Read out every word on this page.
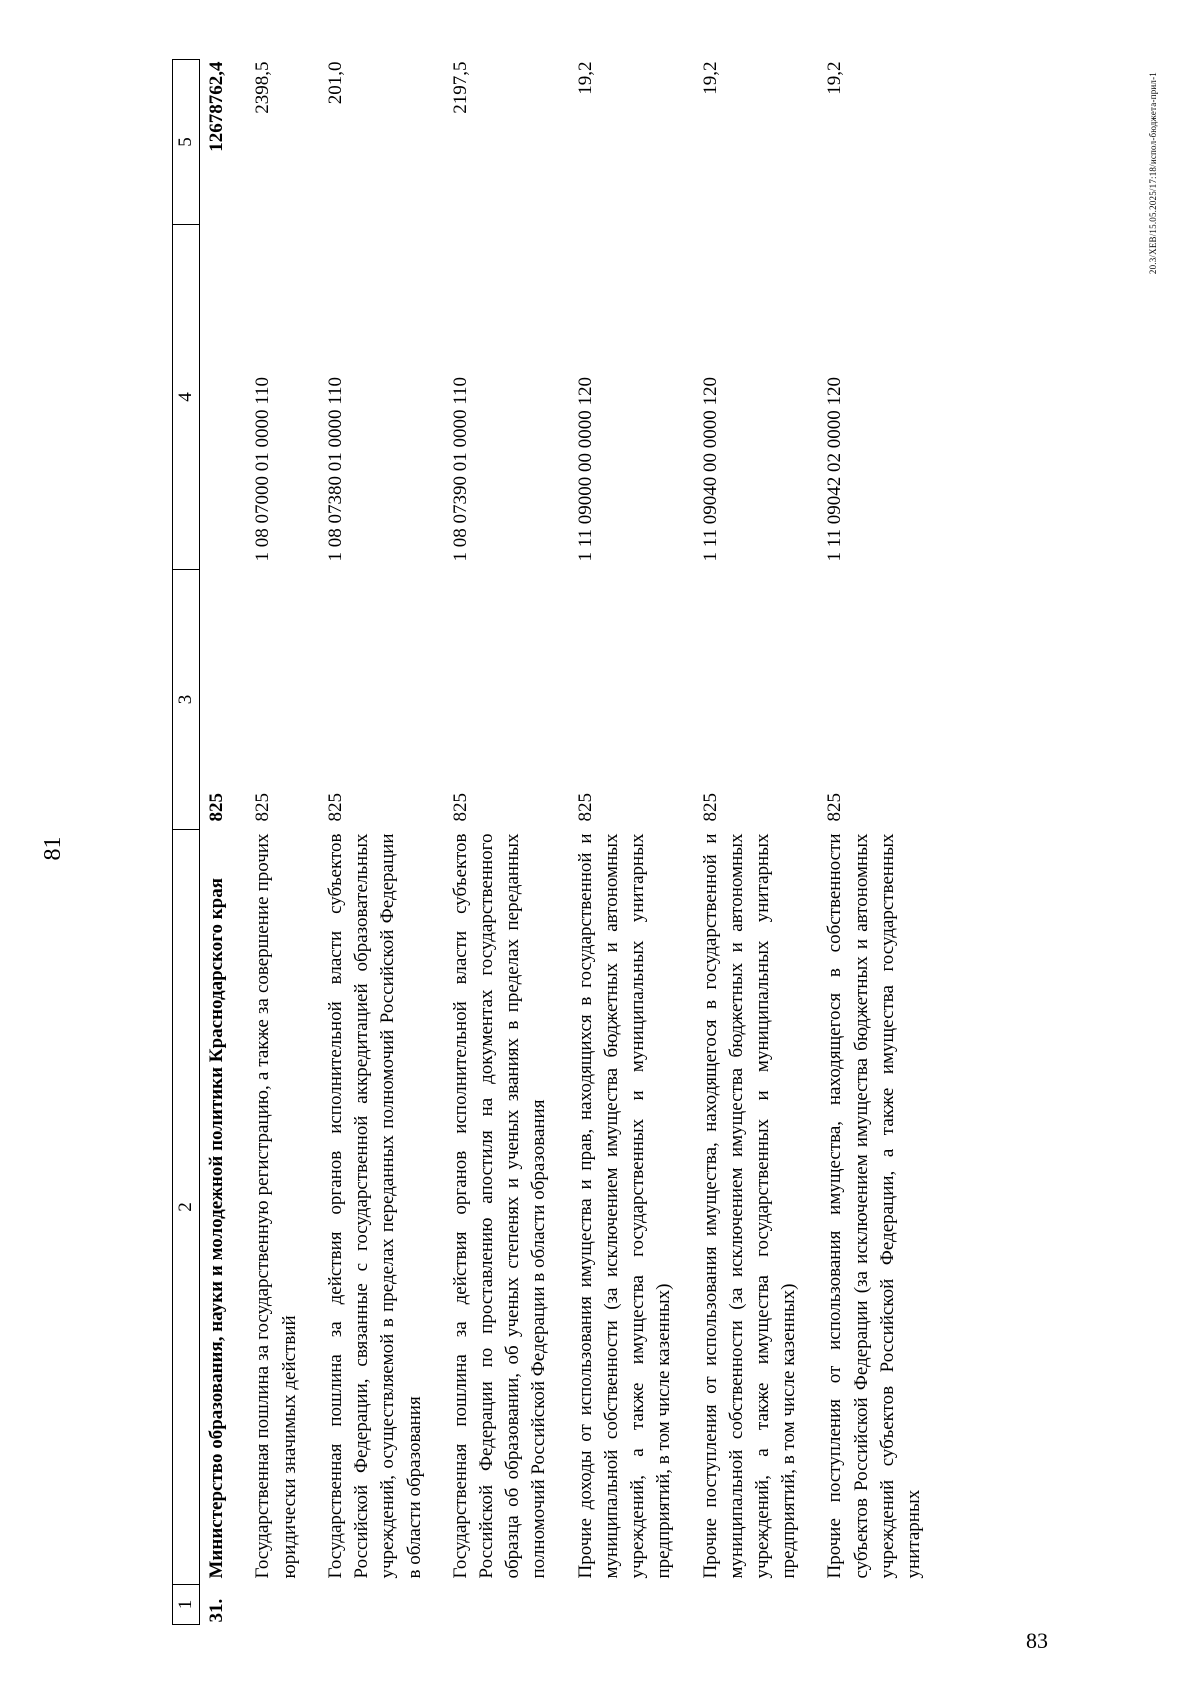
83
81
1	2	3	4	5
31.	Министерство образования, науки и молодежной политики Краснодарского края	825		12678762,4
	Государственная пошлина за государственную регистрацию, а также за совершение прочих юридически значимых действий	825	1 08 07000 01 0000 110	2398,5
	Государственная пошлина за действия органов исполнительной власти субъектов Российской Федерации, связанные с государственной аккредитацией образовательных учреждений, осуществляемой в пределах переданных полномочий Российской Федерации в области образования	825	1 08 07380 01 0000 110	201,0
	Государственная пошлина за действия органов исполнительной власти субъектов Российской Федерации по проставлению апостиля на документах государственного образца об образовании, об ученых степенях и ученых званиях в пределах переданных полномочий Российской Федерации в области образования	825	1 08 07390 01 0000 110	2197,5
	Прочие доходы от использования имущества и прав, находящихся в государственной и муниципальной собственности (за исключением имущества бюджетных и автономных учреждений, а также имущества государственных и муниципальных унитарных предприятий, в том числе казенных)	825	1 11 09000 00 0000 120	19,2
	Прочие поступления от использования имущества, находящегося в государственной и муниципальной собственности (за исключением имущества бюджетных и автономных учреждений, а также имущества государственных и муниципальных унитарных предприятий, в том числе казенных)	825	1 11 09040 00 0000 120	19,2
	Прочие поступления от использования имущества, находящегося в собственности субъектов Российской Федерации (за исключением имущества бюджетных и автономных учреждений субъектов Российской Федерации, а также имущества государственных унитарных	825	1 11 09042 02 0000 120	19,2	20.3/XEB/15.05.2025/17:18/испол-бюджета-прил-1
